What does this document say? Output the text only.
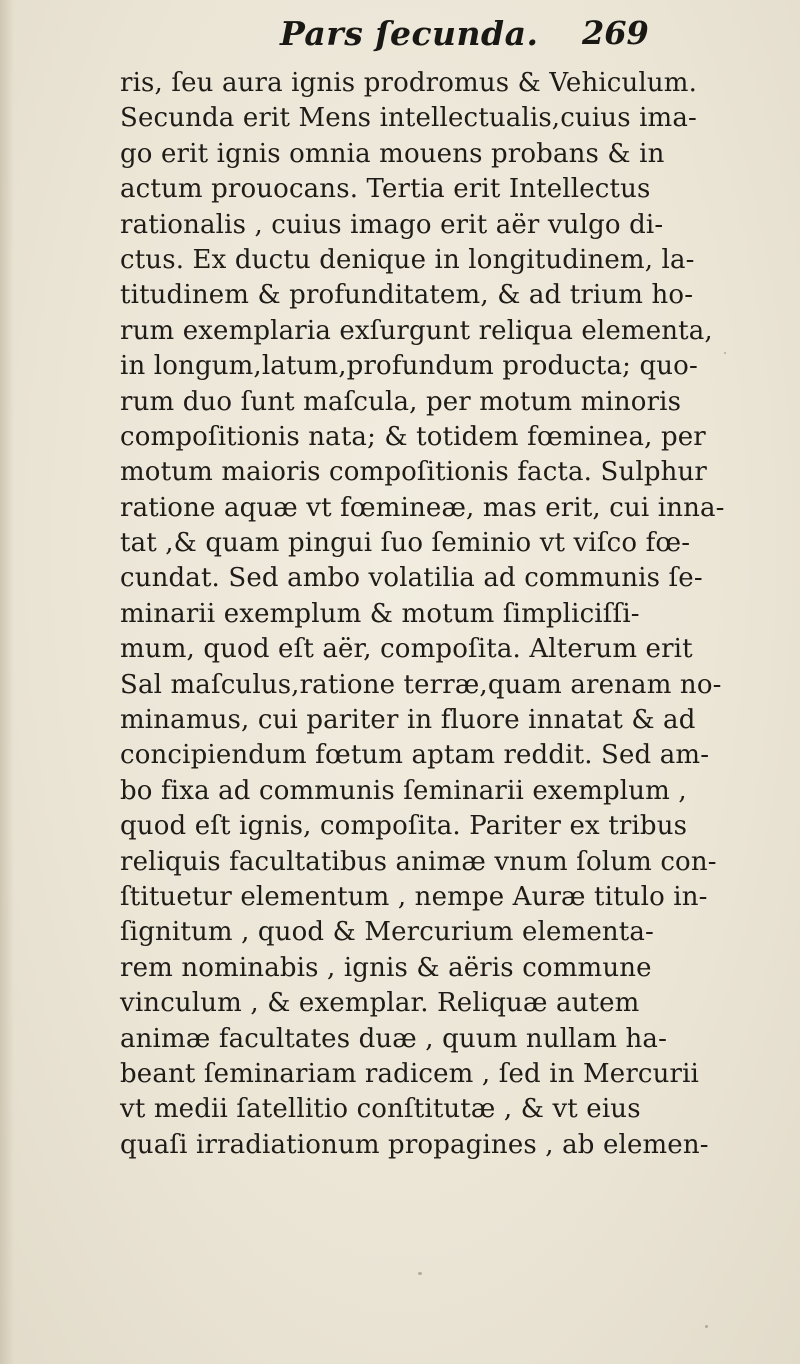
Pars ſecunda. 269
ris, ſeu aura ignis prodromus & Vehiculum.
Secunda erit Mens intellectualis,cuius ima-
go erit ignis omnia mouens probans & in
actum prouocans. Tertia erit Intellectus
rationalis , cuius imago erit aër vulgo di-
ctus. Ex ductu denique in longitudinem, la-
titudinem & profunditatem, & ad trium ho-
rum exemplaria exſurgunt reliqua elementa,
in longum,latum,profundum producta; quo-
rum duo ſunt maſcula, per motum minoris
compoſitionis nata; & totidem fœminea, per
motum maioris compoſitionis facta. Sulphur
ratione aquæ vt fœmineæ, mas erit, cui inna-
tat ,& quam pingui ſuo ſeminio vt viſco fœ-
cundat. Sed ambo volatilia ad communis ſe-
minarii exemplum & motum ſimpliciſſi-
mum, quod eſt aër, compoſita. Alterum erit
Sal maſculus,ratione terræ,quam arenam no-
minamus, cui pariter in fluore innatat & ad
concipiendum fœtum aptam reddit. Sed am-
bo fixa ad communis ſeminarii exemplum ,
quod eſt ignis, compoſita. Pariter ex tribus
reliquis facultatibus animæ vnum ſolum con-
ſtituetur elementum , nempe Auræ titulo in-
ſignitum , quod & Mercurium elementa-
rem nominabis , ignis & aëris commune
vinculum , & exemplar. Reliquæ autem
animæ facultates duæ , quum nullam ha-
beant ſeminariam radicem , ſed in Mercurii
vt medii ſatellitio conſtitutæ , & vt eius
quaſi irradiationum propagines , ab elemen-
